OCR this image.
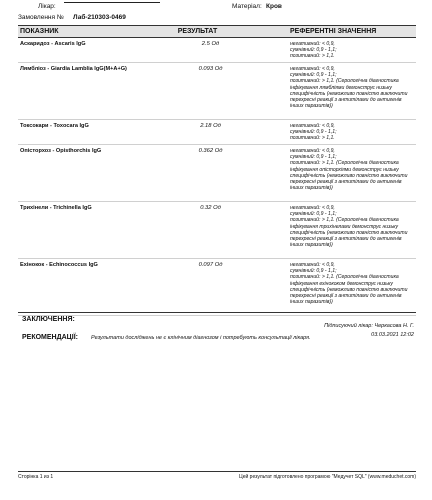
Лікар:	Матеріал: Кров
Замовлення № Лаб-210303-0469
ПОКАЗНИК	РЕЗУЛЬТАТ	РЕФЕРЕНТНІ ЗНАЧЕННЯ
Аскаридоз - Ascaris IgG	2.5 Од	негативний: < 0,9,
сумнівний: 0,9 - 1,1;
позитивний: > 1,1.
Лямбліоз - Giardia Lamblia IgG(M+A+G)	0.093 Од	негативний: < 0,9,
сумнівний: 0,9 - 1,1;
позитивний: > 1,1. (Серологічна діагностика інфікування лямбліями демонструє низьку специфічність (неможливо повністю виключити перехресні реакції з антитілами до антигенів інших паразитів))
Токсокари - Toxocara IgG	2.18 Од	негативний: < 0,9,
сумнівний: 0,9 - 1,1;
позитивний: > 1,1.
Опісторхоз - Opisthorchis IgG	0.362 Од	негативний: < 0,9,
сумнівний: 0,9 - 1,1;
позитивний: > 1,1. (Серологічна діагностика інфікування опісторхіями демонструє низьку специфічність (неможливо повністю виключити перехресні реакції з антитілами до антигенів інших паразитів))
Трихінели - Trichinella IgG	0.32 Од	негативний: < 0,9,
сумнівний: 0,9 - 1,1;
позитивний: > 1,1. (Серологічна діагностика інфікування трихінелами демонструє низьку специфічність (неможливо повністю виключити перехресні реакції з антитілами до антигенів інших паразитів))
Ехінокок - Echinococcus IgG	0.097 Од	негативний: < 0,9,
сумнівний: 0,9 - 1,1;
позитивний: > 1,1. (Серологічна діагностика інфікування ехінококом демонструє низьку специфічність (неможливо повністю виключити перехресні реакції з антитілами до антигенів інших паразитів))
ЗАКЛЮЧЕННЯ:
Підписуючий лікар: Черкасова Н. Г.
03.03.2021 12:02
РЕКОМЕНДАЦІЇ: Результати досліджень не є клінічним діагнозом і потребують консультації лікаря.
Сторінка 1 из 1	Цей результат підготовлено програмою "Медучет SQL" (www.meduchet.com)
